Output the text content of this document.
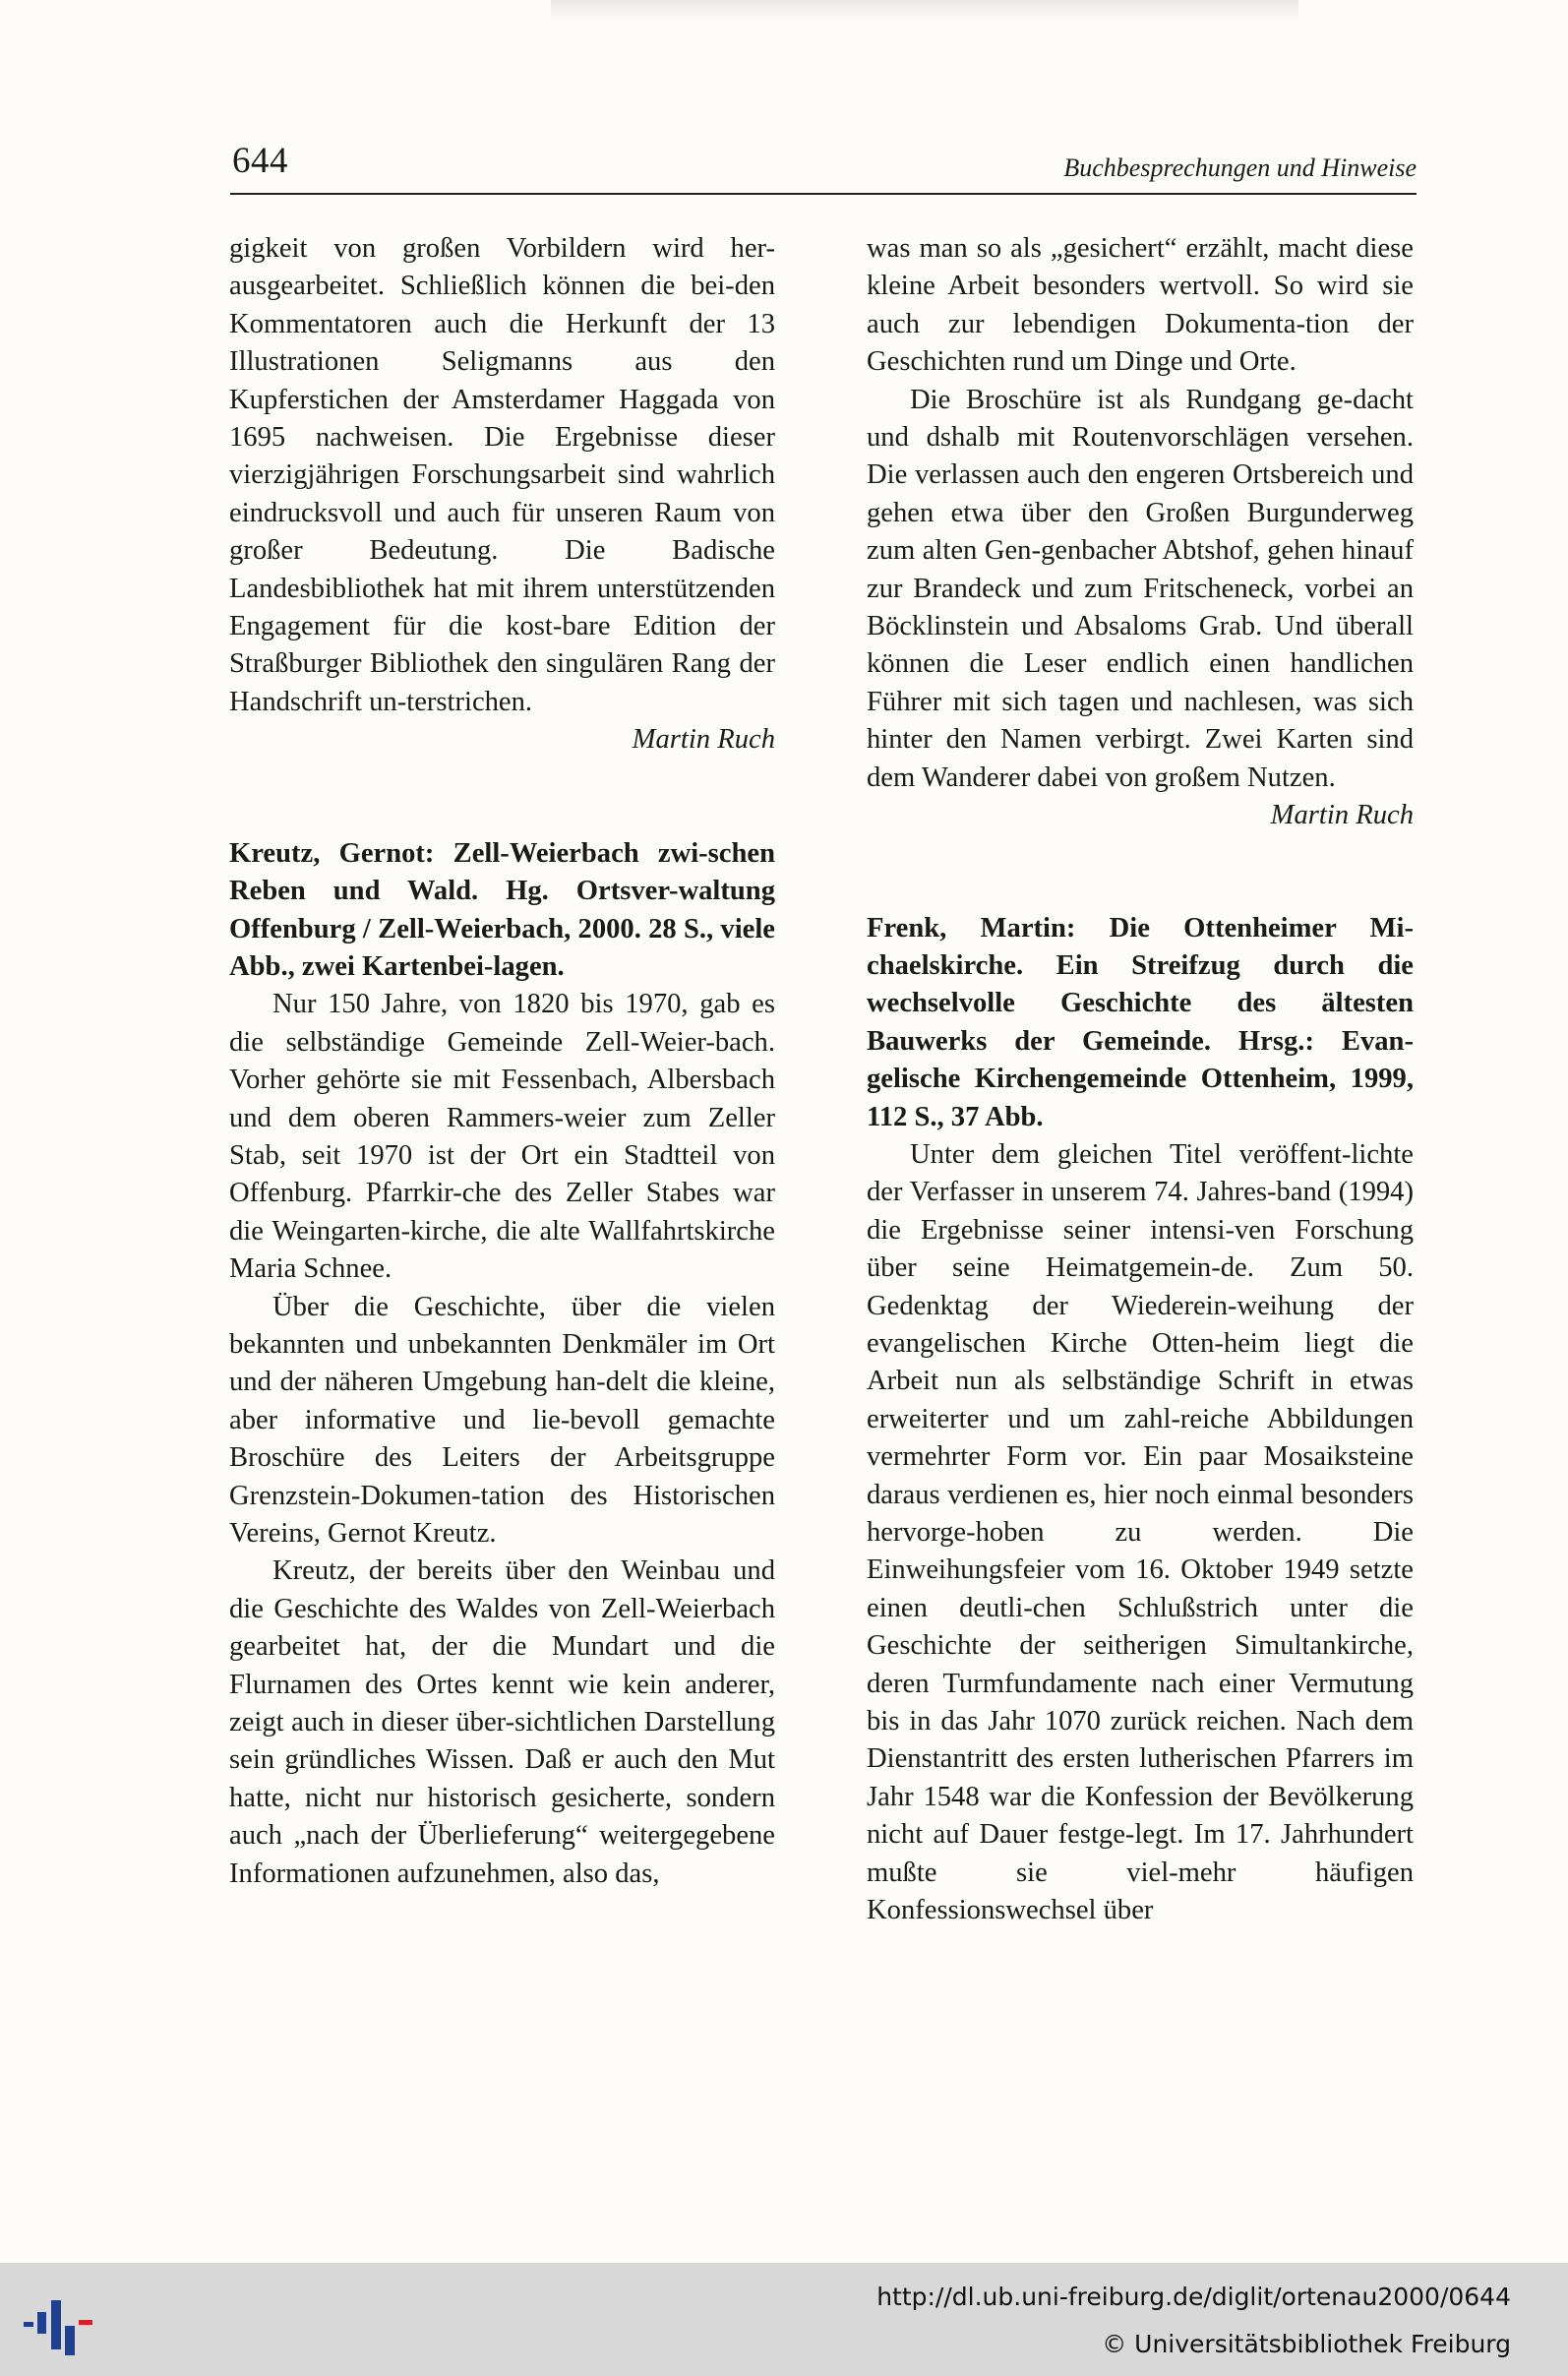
644	Buchbesprechungen und Hinweise

gigkeit von großen Vorbildern wird her-ausgearbeitet. Schließlich können die bei-den Kommentatoren auch die Herkunft der 13 Illustrationen Seligmanns aus den Kupferstichen der Amsterdamer Haggada von 1695 nachweisen. Die Ergebnisse dieser vierzigjährigen Forschungsarbeit sind wahrlich eindrucksvoll und auch für unseren Raum von großer Bedeutung. Die Badische Landesbibliothek hat mit ihrem unterstützenden Engagement für die kost-bare Edition der Straßburger Bibliothek den singulären Rang der Handschrift un-terstrichen.

Martin Ruch

Kreutz, Gernot: Zell-Weierbach zwi-schen Reben und Wald. Hg. Ortsver-waltung Offenburg / Zell-Weierbach, 2000. 28 S., viele Abb., zwei Kartenbei-lagen.

Nur 150 Jahre, von 1820 bis 1970, gab es die selbständige Gemeinde Zell-Weier-bach. Vorher gehörte sie mit Fessenbach, Albersbach und dem oberen Rammers-weier zum Zeller Stab, seit 1970 ist der Ort ein Stadtteil von Offenburg. Pfarrkir-che des Zeller Stabes war die Weingarten-kirche, die alte Wallfahrtskirche Maria Schnee.

Über die Geschichte, über die vielen bekannten und unbekannten Denkmäler im Ort und der näheren Umgebung han-delt die kleine, aber informative und lie-bevoll gemachte Broschüre des Leiters der Arbeitsgruppe Grenzstein-Dokumen-tation des Historischen Vereins, Gernot Kreutz.

Kreutz, der bereits über den Weinbau und die Geschichte des Waldes von Zell-Weierbach gearbeitet hat, der die Mundart und die Flurnamen des Ortes kennt wie kein anderer, zeigt auch in dieser über-sichtlichen Darstellung sein gründliches Wissen. Daß er auch den Mut hatte, nicht nur historisch gesicherte, sondern auch „nach der Überlieferung“ weitergegebene Informationen aufzunehmen, also das,

was man so als „gesichert“ erzählt, macht diese kleine Arbeit besonders wertvoll. So wird sie auch zur lebendigen Dokumenta-tion der Geschichten rund um Dinge und Orte.

Die Broschüre ist als Rundgang ge-dacht und dshalb mit Routenvorschlägen versehen. Die verlassen auch den engeren Ortsbereich und gehen etwa über den Großen Burgunderweg zum alten Gen-genbacher Abtshof, gehen hinauf zur Brandeck und zum Fritscheneck, vorbei an Böcklinstein und Absaloms Grab. Und überall können die Leser endlich einen handlichen Führer mit sich tagen und nachlesen, was sich hinter den Namen verbirgt. Zwei Karten sind dem Wanderer dabei von großem Nutzen.

Martin Ruch

Frenk, Martin: Die Ottenheimer Mi-chaelskirche. Ein Streifzug durch die wechselvolle Geschichte des ältesten Bauwerks der Gemeinde. Hrsg.: Evan-gelische Kirchengemeinde Ottenheim, 1999, 112 S., 37 Abb.

Unter dem gleichen Titel veröffent-lichte der Verfasser in unserem 74. Jahres-band (1994) die Ergebnisse seiner intensi-ven Forschung über seine Heimatgemein-de. Zum 50. Gedenktag der Wiederein-weihung der evangelischen Kirche Otten-heim liegt die Arbeit nun als selbständige Schrift in etwas erweiterter und um zahl-reiche Abbildungen vermehrter Form vor. Ein paar Mosaiksteine daraus verdienen es, hier noch einmal besonders hervorge-hoben zu werden. Die Einweihungsfeier vom 16. Oktober 1949 setzte einen deutli-chen Schlußstrich unter die Geschichte der seitherigen Simultankirche, deren Turmfundamente nach einer Vermutung bis in das Jahr 1070 zurück reichen. Nach dem Dienstantritt des ersten lutherischen Pfarrers im Jahr 1548 war die Konfession der Bevölkerung nicht auf Dauer festge-legt. Im 17. Jahrhundert mußte sie viel-mehr häufigen Konfessionswechsel über

http://dl.ub.uni-freiburg.de/diglit/ortenau2000/0644
© Universitätsbibliothek Freiburg
